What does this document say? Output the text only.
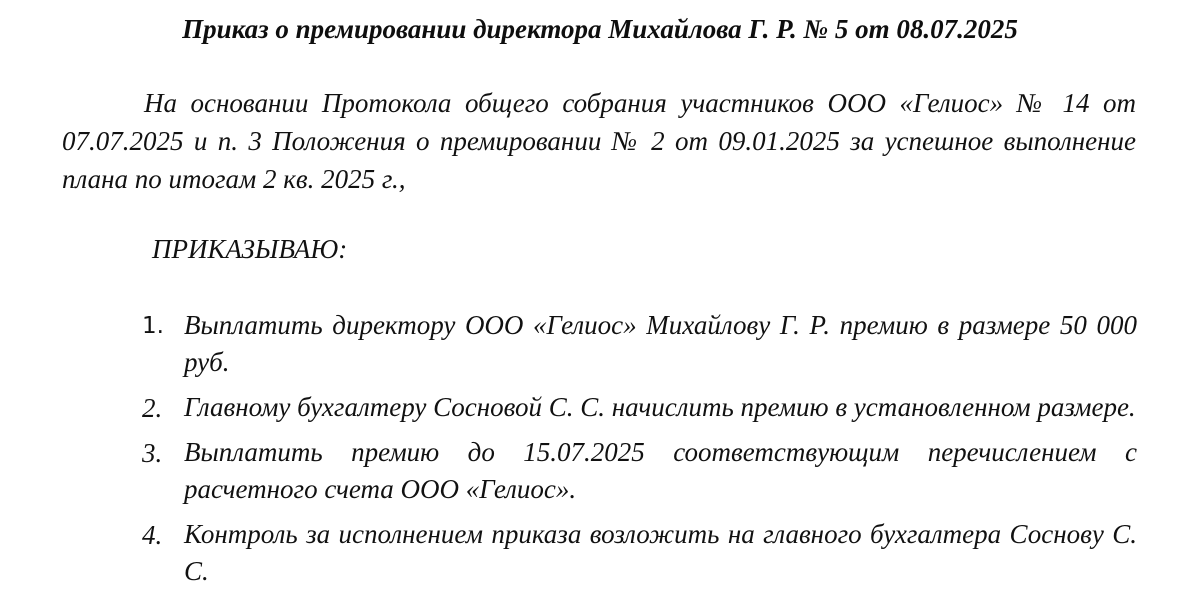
Приказ о премировании директора Михайлова Г. Р. № 5 от 08.07.2025

На основании Протокола общего собрания участников ООО «Гелиос» № 14 от 07.07.2025 и п. 3 Положения о премировании № 2 от 09.01.2025 за успешное выполнение плана по итогам 2 кв. 2025 г.,

ПРИКАЗЫВАЮ:

1. Выплатить директору ООО «Гелиос» Михайлову Г. Р. премию в размере 50 000 руб.
2. Главному бухгалтеру Сосновой С. С. начислить премию в установленном размере.
3. Выплатить премию до 15.07.2025 соответствующим перечислением с расчетного счета ООО «Гелиос».
4. Контроль за исполнением приказа возложить на главного бухгалтера Соснову С. С.
